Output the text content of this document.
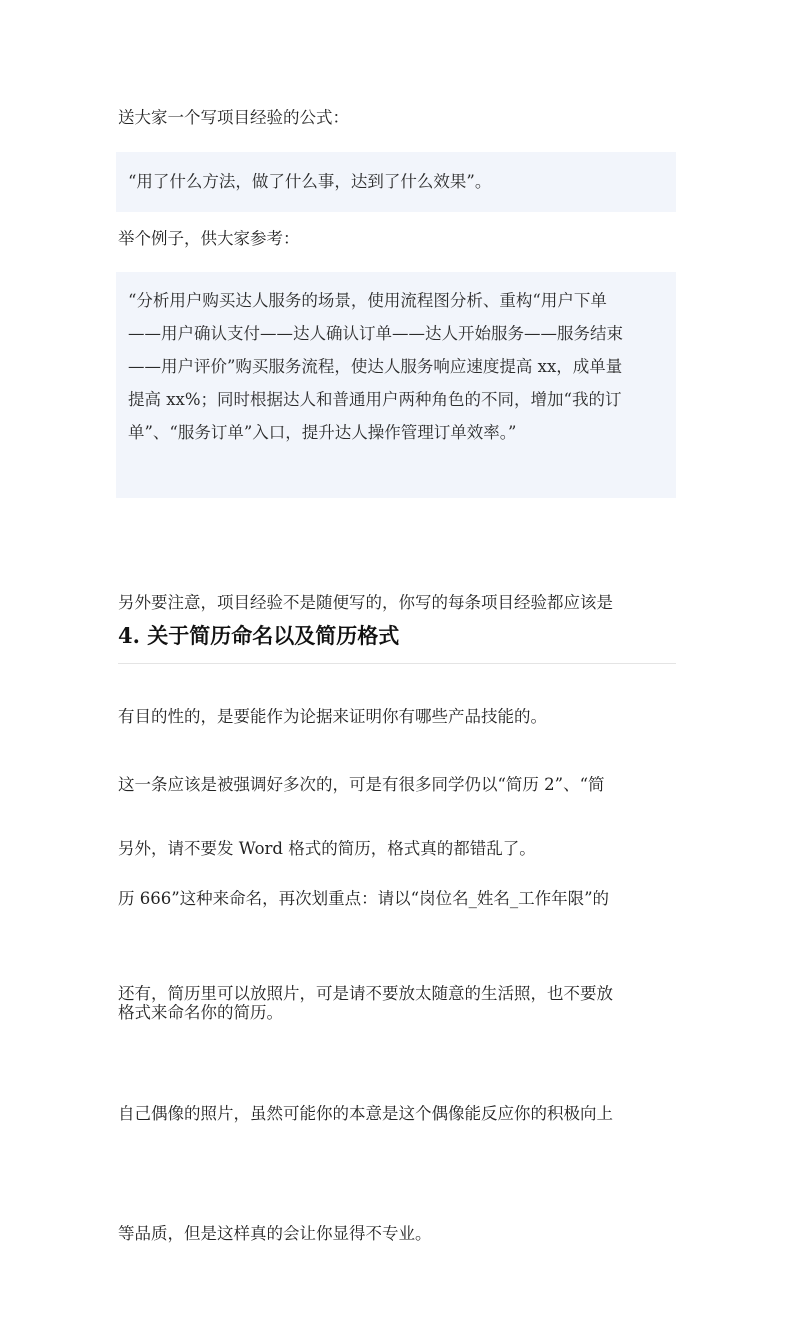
送大家一个写项目经验的公式：

“用了什么方法，做了什么事，达到了什么效果”。

举个例子，供大家参考：

“分析用户购买达人服务的场景，使用流程图分析、重构“用户下单

——用户确认支付——达人确认订单——达人开始服务——服务结束

——用户评价”购买服务流程，使达人服务响应速度提高 xx，成单量

提高 xx%；同时根据达人和普通用户两种角色的不同，增加“我的订

单”、“服务订单”入口，提升达人操作管理订单效率。”

另外要注意，项目经验不是随便写的，你写的每条项目经验都应该是

有目的性的，是要能作为论据来证明你有哪些产品技能的。

4. 关于简历命名以及简历格式

这一条应该是被强调好多次的，可是有很多同学仍以“简历 2”、“简

历 666”这种来命名，再次划重点：请以“岗位名_姓名_工作年限”的

格式来命名你的简历。

另外，请不要发 Word 格式的简历，格式真的都错乱了。

还有，简历里可以放照片，可是请不要放太随意的生活照，也不要放

自己偶像的照片，虽然可能你的本意是这个偶像能反应你的积极向上

等品质，但是这样真的会让你显得不专业。
